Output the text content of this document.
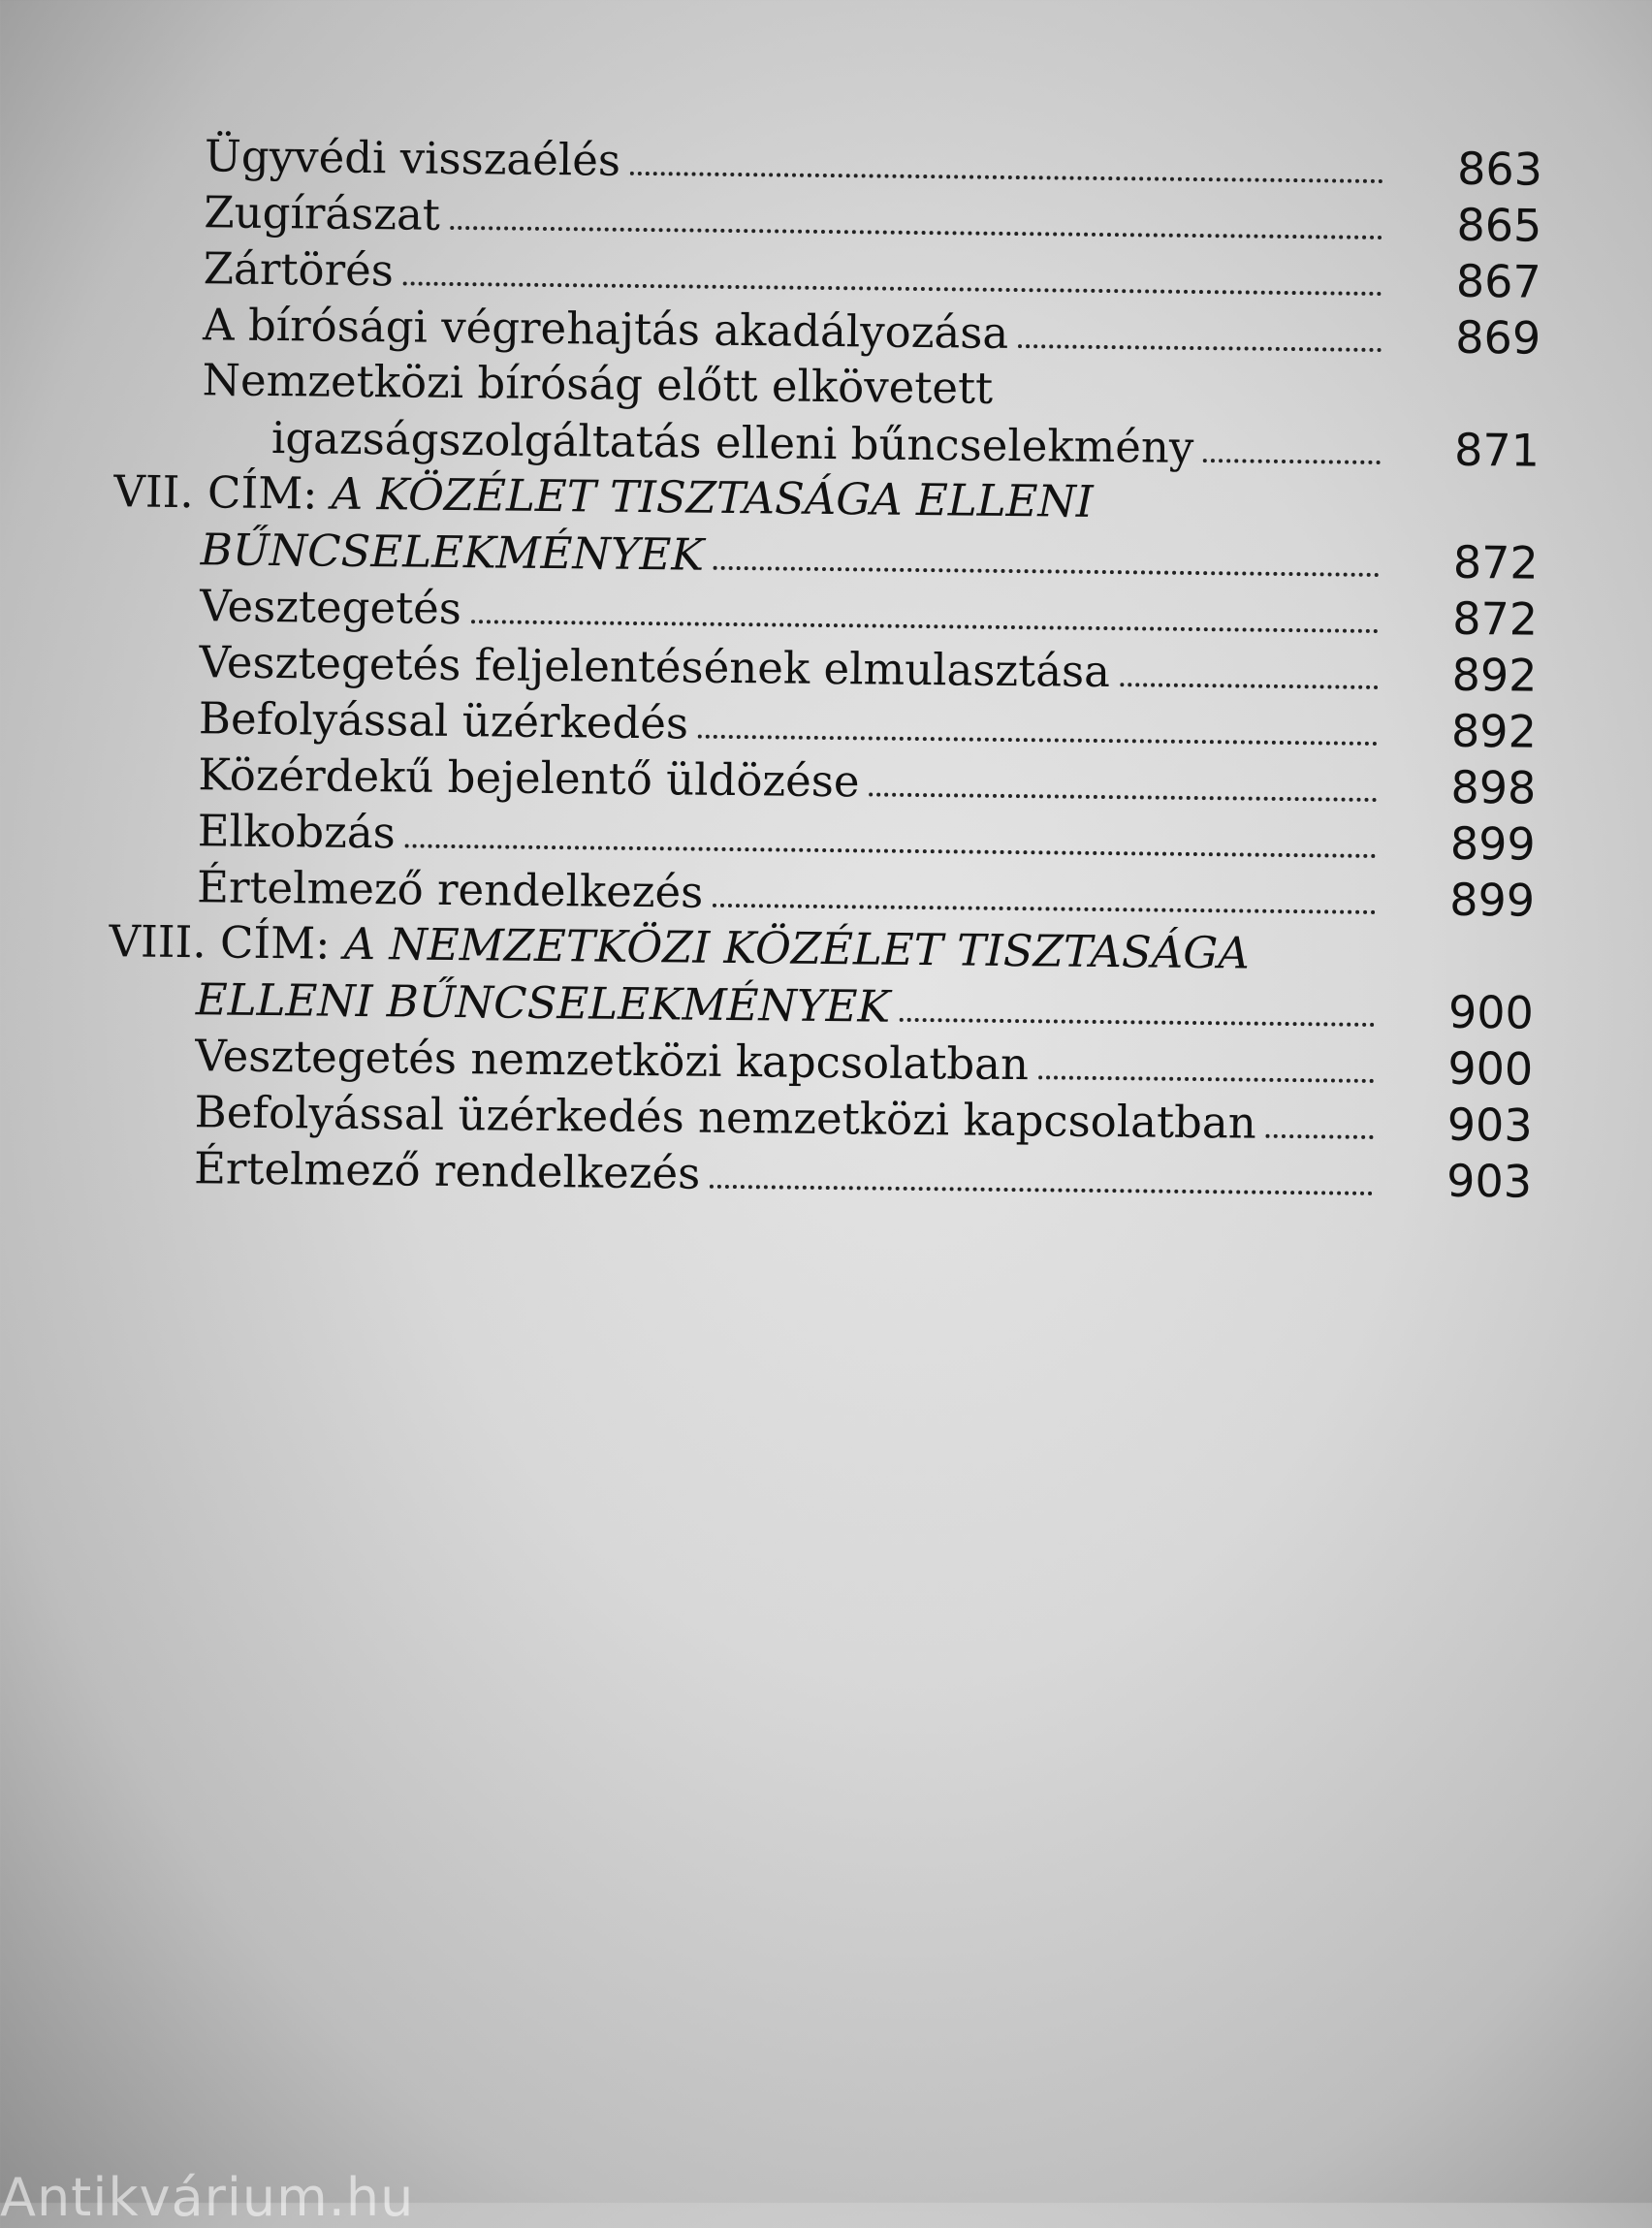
Ügyvédi visszaélés	863
Zugírászat	865
Zártörés	867
A bírósági végrehajtás akadályozása	869
Nemzetközi bíróság előtt elkövetett
igazságszolgáltatás elleni bűncselekmény	871
VII. CÍM: A KÖZÉLET TISZTASÁGA ELLENI
BŰNCSELEKMÉNYEK	872
Vesztegetés	872
Vesztegetés feljelentésének elmulasztása	892
Befolyással üzérkedés	892
Közérdekű bejelentő üldözése	898
Elkobzás	899
Értelmező rendelkezés	899
VIII. CÍM: A NEMZETKÖZI KÖZÉLET TISZTASÁGA
ELLENI BŰNCSELEKMÉNYEK	900
Vesztegetés nemzetközi kapcsolatban	900
Befolyással üzérkedés nemzetközi kapcsolatban	903
Értelmező rendelkezés	903
Antikvárium.hu
